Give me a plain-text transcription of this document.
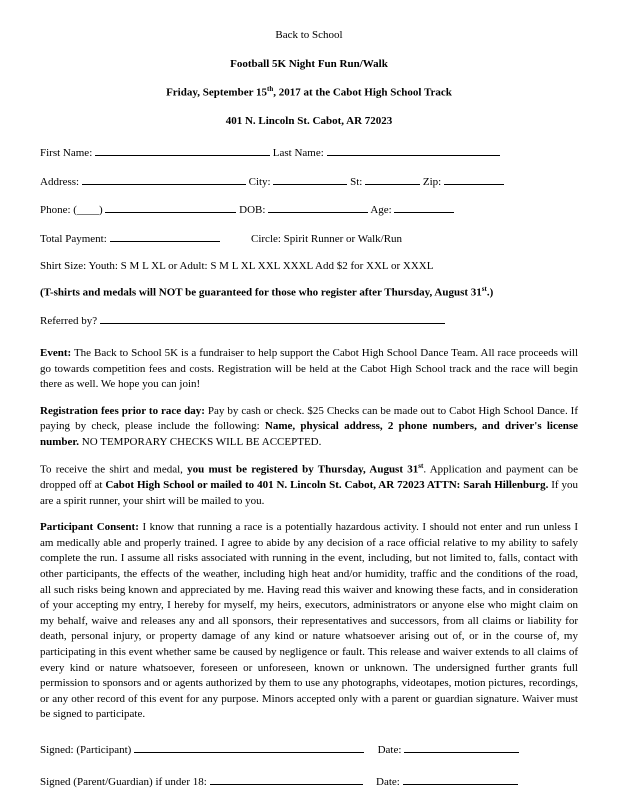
Back to School
Football 5K Night Fun Run/Walk
Friday, September 15th, 2017 at the Cabot High School Track
401 N. Lincoln St. Cabot, AR 72023
First Name:	Last Name:
Address:	City:	St:	Zip:
Phone: (____)	DOB:	Age:
Total Payment:	Circle: Spirit Runner or Walk/Run
Shirt Size: Youth: S M L XL or Adult: S M L XL XXL XXXL Add $2 for XXL or XXXL
(T-shirts and medals will NOT be guaranteed for those who register after Thursday, August 31st.)
Referred by?
Event: The Back to School 5K is a fundraiser to help support the Cabot High School Dance Team. All race proceeds will go towards competition fees and costs. Registration will be held at the Cabot High School track and the race will begin there as well. We hope you can join!
Registration fees prior to race day: Pay by cash or check. $25 Checks can be made out to Cabot High School Dance. If paying by check, please include the following: Name, physical address, 2 phone numbers, and driver's license number. NO TEMPORARY CHECKS WILL BE ACCEPTED.
To receive the shirt and medal, you must be registered by Thursday, August 31st. Application and payment can be dropped off at Cabot High School or mailed to 401 N. Lincoln St. Cabot, AR 72023 ATTN: Sarah Hillenburg. If you are a spirit runner, your shirt will be mailed to you.
Participant Consent: I know that running a race is a potentially hazardous activity. I should not enter and run unless I am medically able and properly trained. I agree to abide by any decision of a race official relative to my ability to safely complete the run. I assume all risks associated with running in the event, including, but not limited to, falls, contact with other participants, the effects of the weather, including high heat and/or humidity, traffic and the conditions of the road, all such risks being known and appreciated by me. Having read this waiver and knowing these facts, and in consideration of your accepting my entry, I hereby for myself, my heirs, executors, administrators or anyone else who might claim on my behalf, waive and releases any and all sponsors, their representatives and successors, from all claims or liability for death, personal injury, or property damage of any kind or nature whatsoever arising out of, or in the course of, my participating in this event whether same be caused by negligence or fault. This release and waiver extends to all claims of every kind or nature whatsoever, foreseen or unforeseen, known or unknown. The undersigned further grants full permission to sponsors and or agents authorized by them to use any photographs, videotapes, motion pictures, recordings, or any other record of this event for any purpose. Minors accepted only with a parent or guardian signature. Waiver must be signed to participate.
Signed: (Participant)	Date:
Signed (Parent/Guardian) if under 18:	Date:
